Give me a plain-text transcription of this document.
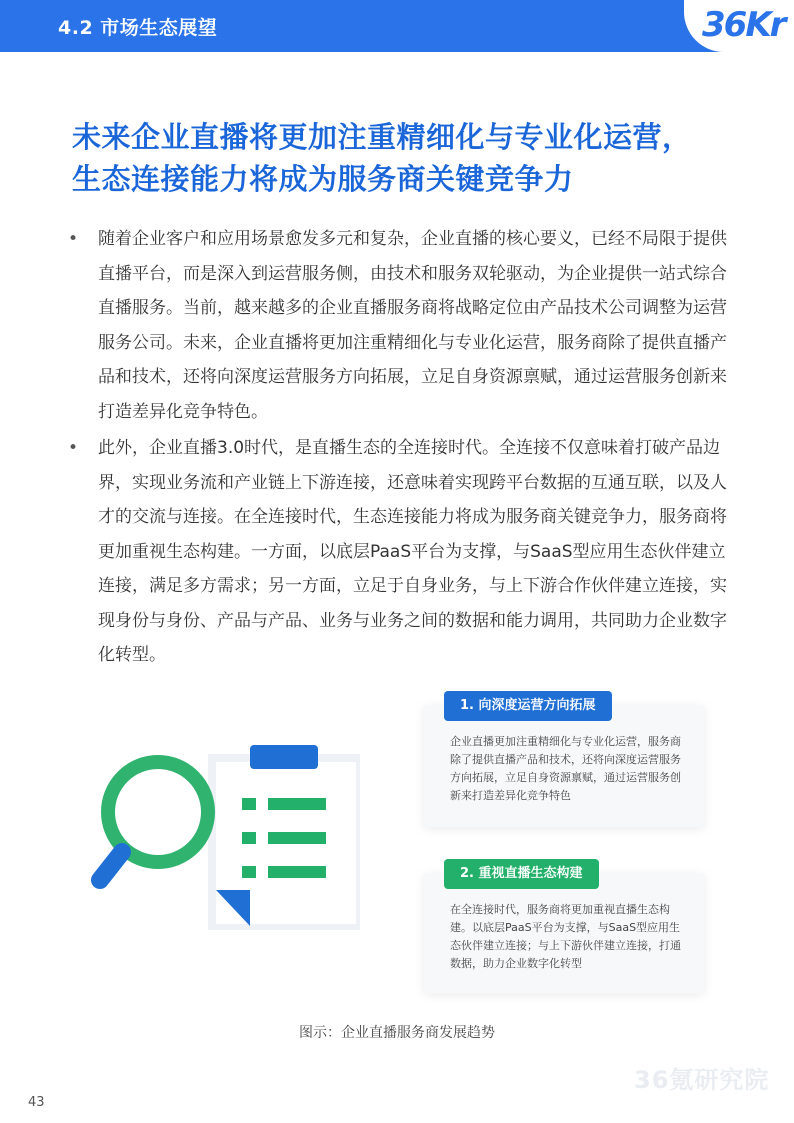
4.2 市场生态展望	36Kr
未来企业直播将更加注重精细化与专业化运营，
生态连接能力将成为服务商关键竞争力
• 随着企业客户和应用场景愈发多元和复杂，企业直播的核心要义，已经不局限于提供直播平台，而是深入到运营服务侧，由技术和服务双轮驱动，为企业提供一站式综合直播服务。当前，越来越多的企业直播服务商将战略定位由产品技术公司调整为运营服务公司。未来，企业直播将更加注重精细化与专业化运营，服务商除了提供直播产品和技术，还将向深度运营服务方向拓展，立足自身资源禀赋，通过运营服务创新来打造差异化竞争特色。
• 此外，企业直播3.0时代，是直播生态的全连接时代。全连接不仅意味着打破产品边界，实现业务流和产业链上下游连接，还意味着实现跨平台数据的互通互联，以及人才的交流与连接。在全连接时代，生态连接能力将成为服务商关键竞争力，服务商将更加重视生态构建。一方面，以底层PaaS平台为支撑，与SaaS型应用生态伙伴建立连接，满足多方需求；另一方面，立足于自身业务，与上下游合作伙伴建立连接，实现身份与身份、产品与产品、业务与业务之间的数据和能力调用，共同助力企业数字化转型。
1. 向深度运营方向拓展
企业直播更加注重精细化与专业化运营，服务商除了提供直播产品和技术，还将向深度运营服务方向拓展，立足自身资源禀赋，通过运营服务创新来打造差异化竞争特色
2. 重视直播生态构建
在全连接时代，服务商将更加重视直播生态构建。以底层PaaS平台为支撑，与SaaS型应用生态伙伴建立连接；与上下游伙伴建立连接，打通数据，助力企业数字化转型
图示：企业直播服务商发展趋势
36氪研究院
43
